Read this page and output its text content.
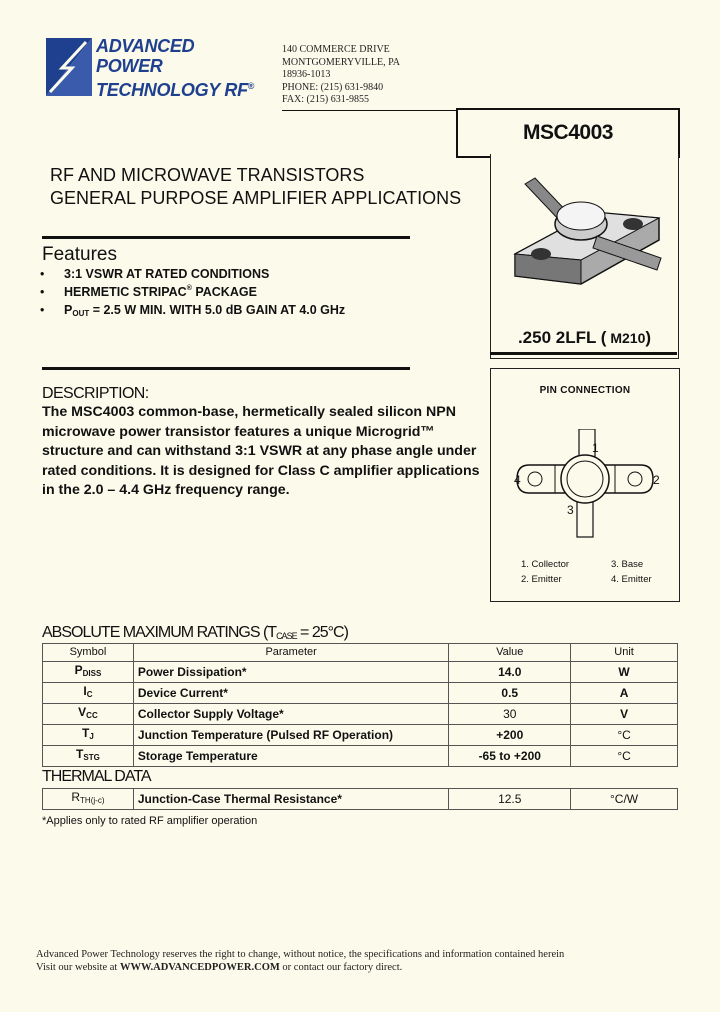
ADVANCED
POWER
TECHNOLOGY RF®
140 COMMERCE DRIVE
MONTGOMERYVILLE, PA
18936-1013
PHONE: (215) 631-9840
FAX: (215) 631-9855
MSC4003
RF AND MICROWAVE TRANSISTORS
GENERAL PURPOSE AMPLIFIER APPLICATIONS
Features
• 3:1 VSWR AT RATED CONDITIONS
• HERMETIC STRIPAC® PACKAGE
• $P_{OUT} = 2.5$ W MIN. WITH 5.0 dB GAIN AT 4.0 GHz
.250 2LFL ( M210)
PIN CONNECTION
1
2
3
4
1. Collector
2. Emitter
3. Base
4. Emitter
DESCRIPTION:
The MSC4003 common-base, hermetically sealed silicon NPN microwave power transistor features a unique Microgrid™ structure and can withstand 3:1 VSWR at any phase angle under rated conditions. It is designed for Class C amplifier applications in the 2.0 – 4.4 GHz frequency range.
ABSOLUTE MAXIMUM RATINGS (TCASE = 25°C)
Symbol	Parameter	Value	Unit
$P_{DISS}$	Power Dissipation*	14.0	W
$I_C$	Device Current*	0.5	A
$V_{CC}$	Collector Supply Voltage*	30	V
$T_J$	Junction Temperature (Pulsed RF Operation)	+200	°C
$T_{STG}$	Storage Temperature	-65 to +200	°C
THERMAL DATA
$R_{TH(j-c)}$	Junction-Case Thermal Resistance*	12.5	°C/W
*Applies only to rated RF amplifier operation
Advanced Power Technology reserves the right to change, without notice, the specifications and information contained herein
Visit our website at WWW.ADVANCEDPOWER.COM or contact our factory direct.
